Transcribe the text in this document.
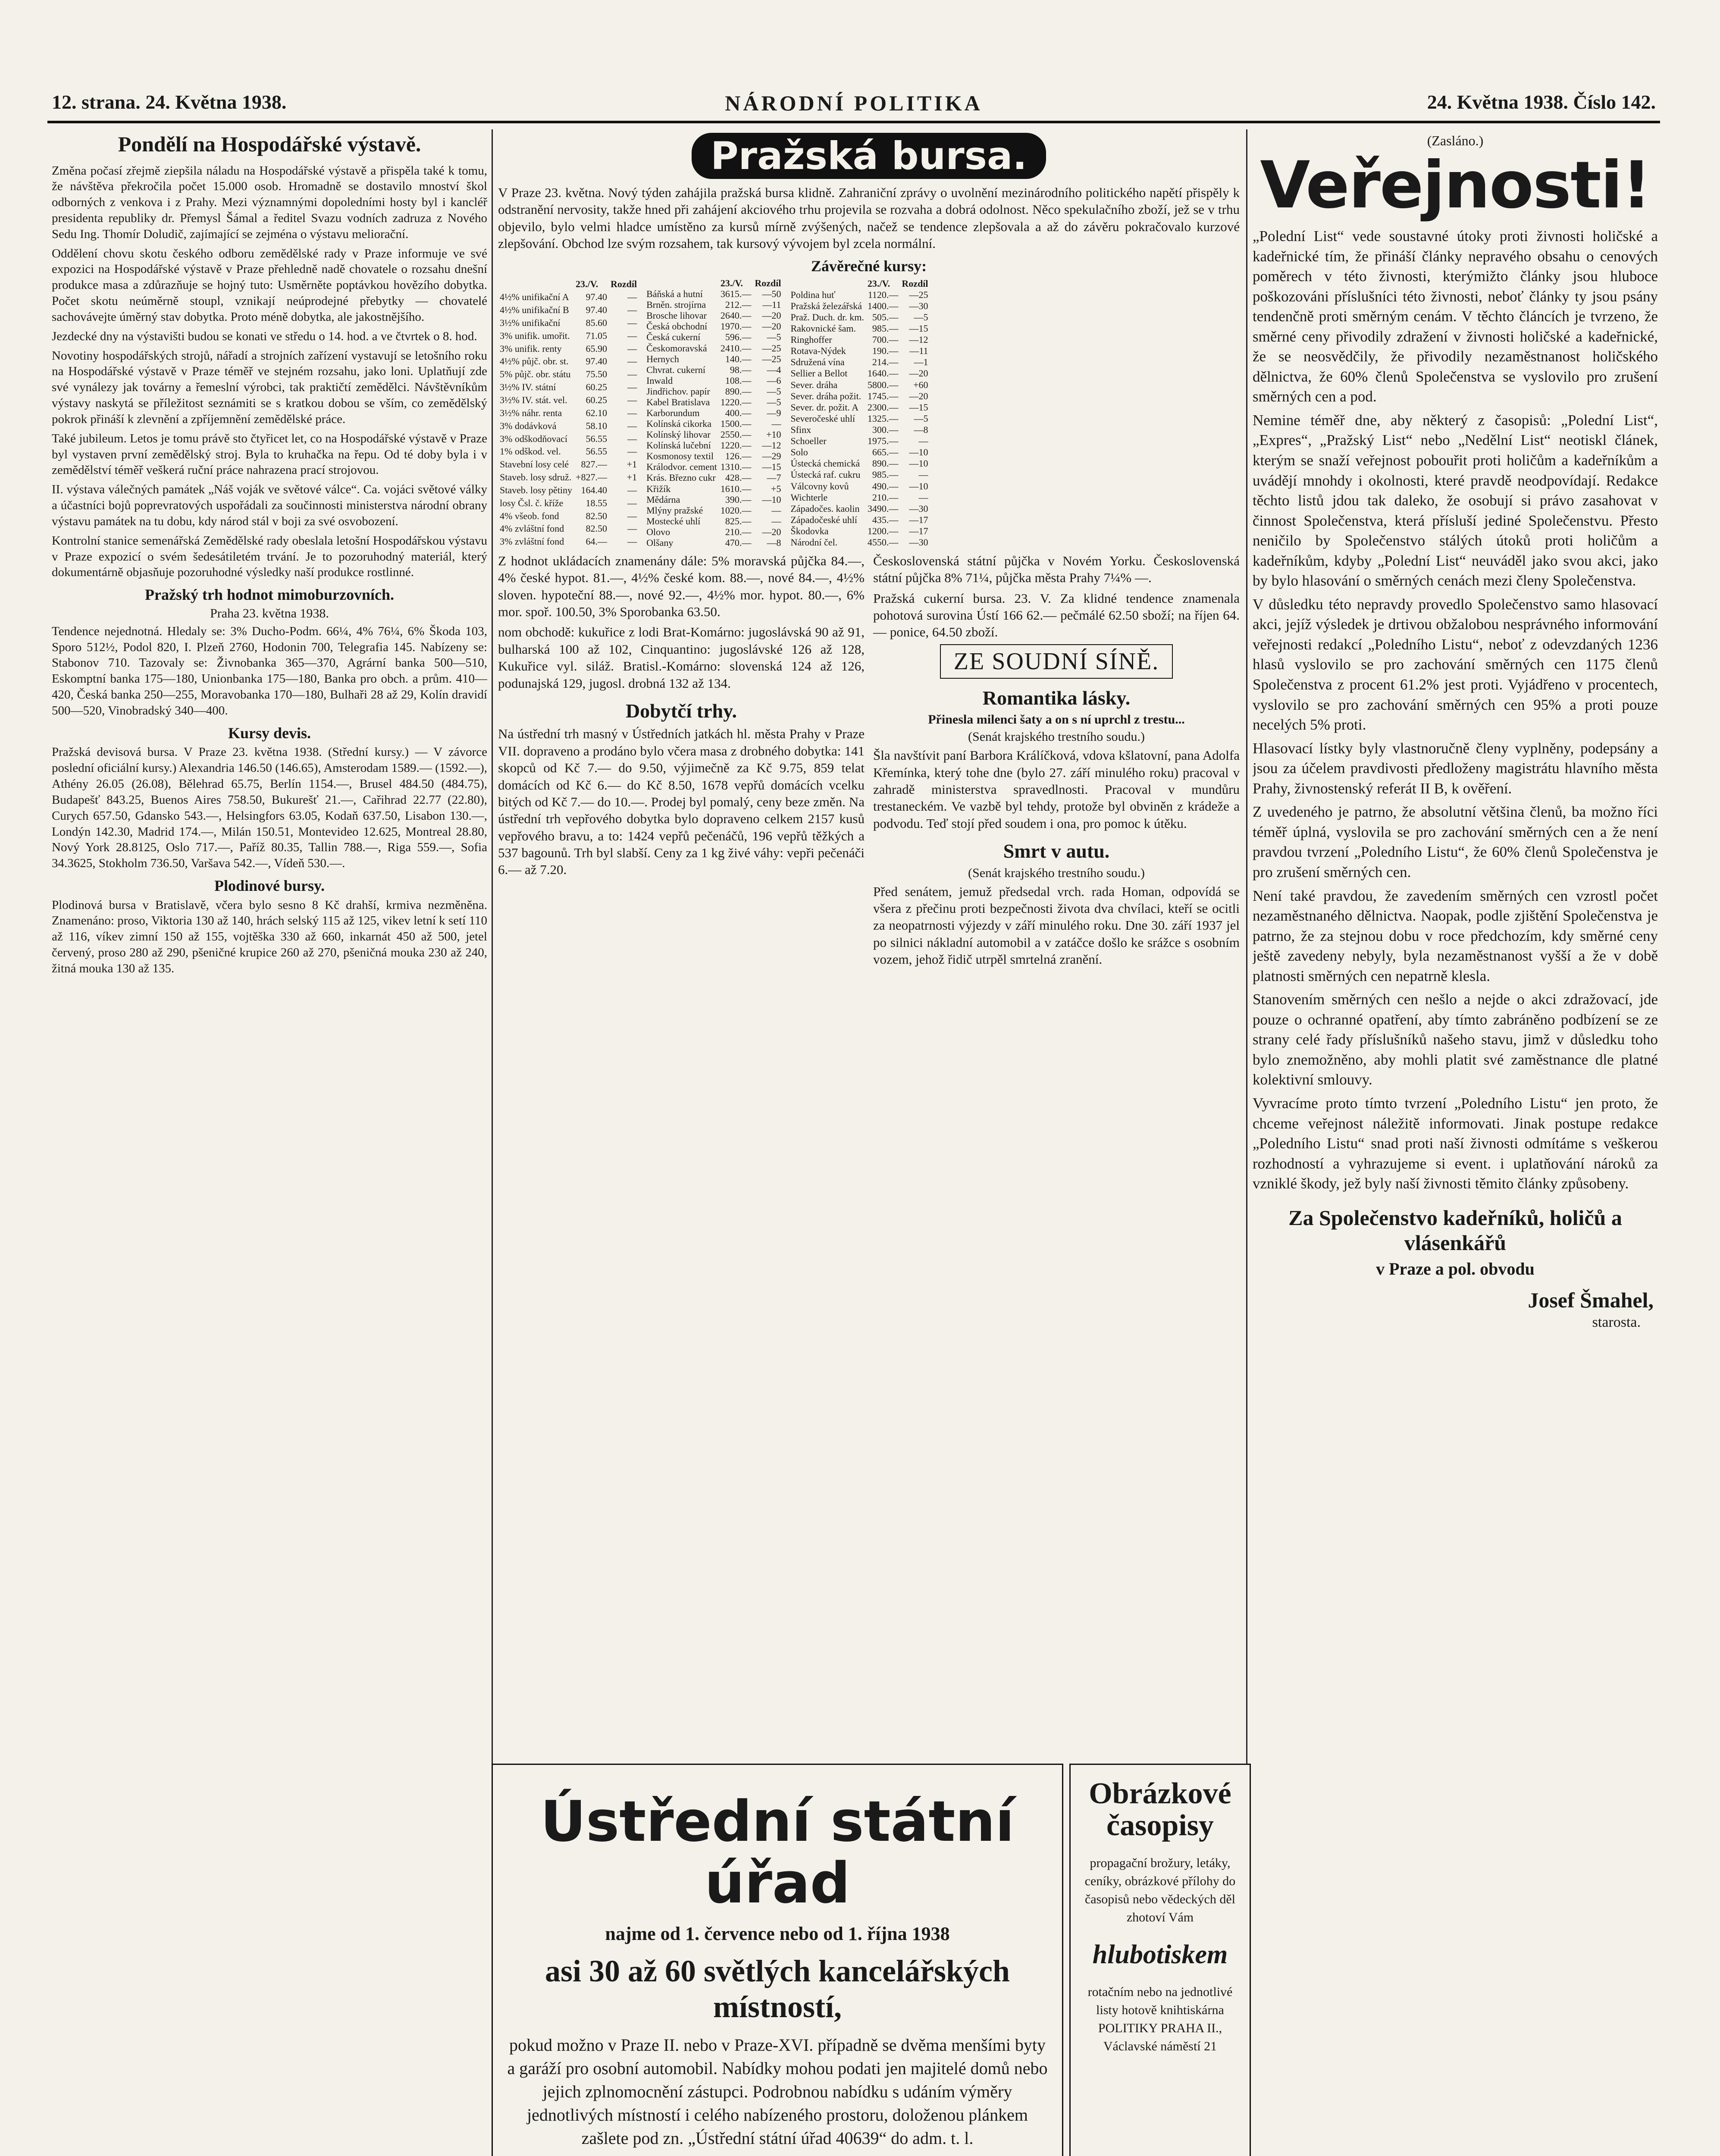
12. strana. 24. Května 1938.	NÁRODNÍ POLITIKA	24. Května 1938. Číslo 142.
Pondělí na Hospodářské výstavě.

Změna počasí zřejmě ziepšila náladu na Hospodářské výstavě a přispěla také k tomu, že návštěva překročila počet 15.000 osob. Hromadně se dostavilo mnoství škol odborných z venkova i z Prahy. Mezi významnými dopoledními hosty byl i kancléř presidenta republiky dr. Přemysl Šámal a ředitel Svazu vodních zadruza z Nového Sedu Ing. Thomír Doludič, zajímající se zejména o výstavu meliorační.

Oddělení chovu skotu českého odboru zemědělské rady v Praze informuje ve své expozici na Hospodářské výstavě v Praze přehledně nadě chovatele o rozsahu dnešní produkce masa a zdůrazňuje se hojný tuto: Usměrněte poptávkou hovězího dobytka. Počet skotu neúměrně stoupl, vznikají neúprodejné přebytky — chovatelé sachovávejte úměrný stav dobytka. Proto méně dobytka, ale jakostnějšího.

Jezdecké dny na výstavišti budou se konati ve středu o 14. hod. a ve čtvrtek o 8. hod.

Novotiny hospodářských strojů, nářadí a strojních zařízení vystavují se letošního roku na Hospodářské výstavě v Praze téměř ve stejném rozsahu, jako loni. Uplatňují zde své vynálezy jak továrny a řemeslní výrobci, tak praktičtí zemědělci. Návštěvníkům výstavy naskytá se příležitost seznámiti se s kratkou dobou se vším, co zemědělský pokrok přináší k zlevnění a zpříjemnění zemědělské práce.

Také jubileum. Letos je tomu právě sto čtyřicet let, co na Hospodářské výstavě v Praze byl vystaven první zemědělský stroj. Byla to kruhačka na řepu. Od té doby byla i v zemědělství téměř veškerá ruční práce nahrazena prací strojovou.

II. výstava válečných památek „Náš voják ve světové válce“. Ca. vojáci světové války a účastníci bojů poprevratových uspořádali za součinnosti ministerstva národní obrany výstavu památek na tu dobu, kdy národ stál v boji za své osvobození.

Kontrolní stanice semenářská Zemědělské rady obeslala letošní Hospodářskou výstavu v Praze expozicí o svém šedesátiletém trvání. Je to pozoruhodný materiál, který dokumentárně objasňuje pozoruhodné výsledky naší produkce rostlinné.

Pražský trh hodnot mimoburzovních.
Praha 23. května 1938.

Tendence nejednotná. Hledaly se: 3% Ducho-Podm. 66¼, 4% 76¼, 6% Škoda 103, Sporo 512½, Podol 820, I. Plzeň 2760, Hodonin 700, Telegrafia 145. Nabízeny se: Stabonov 710. Tazovaly se: Živnobanka 365—370, Agrární banka 500—510, Eskomptní banka 175—180, Unionbanka 175—180, Banka pro obch. a prům. 410—420, Česká banka 250—255, Moravobanka 170—180, Bulhaři 28 až 29, Kolín dravidí 500—520, Vinobradský 340—400.

Kursy devis.

Pražská devisová bursa. V Praze 23. května 1938. (Střední kursy.) — V závorce poslední oficiální kursy.) Alexandria 146.50 (146.65), Amsterodam 1589.— (1592.—), Athény 26.05 (26.08), Bělehrad 65.75, Berlín 1154.—, Brusel 484.50 (484.75), Budapešť 843.25, Buenos Aires 758.50, Bukurešť 21.—, Cařihrad 22.77 (22.80), Curych 657.50, Gdansko 543.—, Helsingfors 63.05, Kodaň 637.50, Lisabon 130.—, Londýn 142.30, Madrid 174.—, Milán 150.51, Montevideo 12.625, Montreal 28.80, Nový York 28.8125, Oslo 717.—, Paříž 80.35, Tallin 788.—, Riga 559.—, Sofia 34.3625, Stokholm 736.50, Varšava 542.—, Vídeň 530.—.

Plodinové bursy.

Plodinová bursa v Bratislavě, včera bylo sesno 8 Kč drahší, krmiva nezměněna. Znamenáno: proso, Viktoria 130 až 140, hrách selský 115 až 125, vikev letní k setí 110 až 116, víkev zimní 150 až 155, vojtěška 330 až 660, inkarnát 450 až 500, jetel červený, proso 280 až 290, pšeničné krupice 260 až 270, pšeničná mouka 230 až 240, žitná mouka 130 až 135.

Pražská bursa.

V Praze 23. května. Nový týden zahájila pražská bursa klidně. Zahraniční zprávy o uvolnění mezinárodního politického napětí přispěly k odstranění nervosity, takže hned při zahájení akciového trhu projevila se rozvaha a dobrá odolnost. Něco spekulačního zboží, jež se v trhu objevilo, bylo velmi hladce umístěno za kursů mírně zvýšených, načež se tendence zlepšovala a až do závěru pokračovalo kurzové zlepšování. Obchod lze svým rozsahem, tak kursový vývojem byl zcela normální.

Závěrečné kursy:
	23./V.	Rozdíl
4½% unifikační A	97.40	—
4½% unifikační B	97.40	—
3½% unifikační	85.60	—
3% unifik. umořit.	71.05	—
3% unifik. renty	65.90	—
4½% půjč. obr. st.	97.40	—
5% půjč. obr. státu	75.50	—
3½% IV. státní	60.25	—
3½% IV. stát. vel.	60.25	—
3½% náhr. renta	62.10	—
3% dodávková	58.10	—
3% odškodňovací	56.55	—
1% odškod. vel.	56.55	—
Stavební losy celé	827.—	+1
Staveb. losy sdruž.	+827.—	+1
Staveb. losy pětiny	164.40	—
losy Čsl. č. kříže	18.55	—
4% všeob. fond	82.50	—
4% zvláštní fond	82.50	—
3% zvláštní fond	64.—	—
	23./V.	Rozdíl
Báňská a hutní	3615.—	—50
Brněn. strojírna	212.—	—11
Brosche lihovar	2640.—	—20
Česká obchodní	1970.—	—20
Česká cukerní	596.—	—5
Českomoravská	2410.—	—25
Hernych	140.—	—25
Chvrat. cukerní	98.—	—4
Inwald	108.—	—6
Jindřichov. papír	890.—	—5
Kabel Bratislava	1220.—	—5
Karborundum	400.—	—9
Kolínská cikorka	1500.—	—
Kolínský lihovar	2550.—	+10
Kolínská lučební	1220.—	—12
Kosmonosy textil	126.—	—29
Králodvor. cement	1310.—	—15
Krás. Březno cukr	428.—	—7
Křižík	1610.—	+5
Mědárna	390.—	—10
Mlýny pražské	1020.—	—
Mostecké uhlí	825.—	—
Olovo	210.—	—20
Olšany	470.—	—8
	23./V.	Rozdíl
Poldina huť	1120.—	—25
Pražská železářská	1400.—	—30
Praž. Duch. dr. km.	505.—	—5
Rakovnické šam.	985.—	—15
Ringhoffer	700.—	—12
Rotava-Nýdek	190.—	—11
Sdružená vína	214.—	—1
Sellier a Bellot	1640.—	—20
Sever. dráha	5800.—	+60
Sever. dráha požit.	1745.—	—20
Sever. dr. požit. A	2300.—	—15
Severočeské uhlí	1325.—	—5
Sfinx	300.—	—8
Schoeller	1975.—	—
Solo	665.—	—10
Ústecká chemická	890.—	—10
Ústecká raf. cukru	985.—	—
Válcovny kovů	490.—	—10
Wichterle	210.—	—
Západočes. kaolin	3490.—	—30
Západočeské uhlí	435.—	—17
Škodovka	1200.—	—17
Národní čel.	4550.—	—30

Z hodnot ukládacích znamenány dále: 5% moravská půjčka 84.—, 4% české hypot. 81.—, 4½% české kom. 88.—, nové 84.—, 4½% sloven. hypoteční 88.—, nové 92.—, 4½% mor. hypot. 80.—, 6% mor. spoř. 100.50, 3% Sporobanka 63.50.

nom obchodě: kukuřice z lodi Brat-Komárno: jugoslávská 90 až 91, bulharská 100 až 102, Cinquantino: jugoslávské 126 až 128, Kukuřice vyl. siláž. Bratisl.-Komárno: slovenská 124 až 126, podunajská 129, jugosl. drobná 132 až 134.

Dobytčí trhy.

Na ústřední trh masný v Ústředních jatkách hl. města Prahy v Praze VII. dopraveno a prodáno bylo včera masa z drobného dobytka: 141 skopců od Kč 7.— do 9.50, výjimečně za Kč 9.75, 859 telat domácích od Kč 6.— do Kč 8.50, 1678 vepřů domácích vcelku bitých od Kč 7.— do 10.—. Prodej byl pomalý, ceny beze změn. Na ústřední trh vepřového dobytka bylo dopraveno celkem 2157 kusů vepřového bravu, a to: 1424 vepřů pečenáčů, 196 vepřů těžkých a 537 bagounů. Trh byl slabší. Ceny za 1 kg živé váhy: vepři pečenáči 6.— až 7.20.

Československá státní půjčka v Novém Yorku. Československá státní půjčka 8% 71¼, půjčka města Prahy 7¼% —.

Pražská cukerní bursa. 23. V. Za klidné tendence znamenala pohotová surovina Ústí 166 62.— pečmálé 62.50 sboží; na říjen 64.— ponice, 64.50 zboží.

ZE SOUDNÍ SÍNĚ.
Romantika lásky.
Přinesla milenci šaty a on s ní uprchl z trestu...
(Senát krajského trestního soudu.)

Šla navštívit paní Barbora Králíčková, vdova kšlatovní, pana Adolfa Křemínka, který tohe dne (bylo 27. září minulého roku) pracoval v zahradě ministerstva spravedlnosti. Pracoval v mundůru trestaneckém. Ve vazbě byl tehdy, protože byl obviněn z krádeže a podvodu. Teď stojí před soudem i ona, pro pomoc k útěku.

Smrt v autu.
(Senát krajského trestního soudu.)

Před senátem, jemuž předsedal vrch. rada Homan, odpovídá se všera z přečinu proti bezpečnosti života dva chvílaci, kteří se ocitli za neopatrnosti výjezdy v září minulého roku. Dne 30. září 1937 jel po silnici nákladní automobil a v zatáčce došlo ke srážce s osobním vozem, jehož řidič utrpěl smrtelná zranění.

(Zasláno.)
Veřejnosti!

„Polední List“ vede soustavné útoky proti živnosti holičské a kadeřnické tím, že přináší články nepravého obsahu o cenových poměrech v této živnosti, kterýmižto články jsou hluboce poškozováni příslušníci této živnosti, neboť články ty jsou psány tendenčně proti směrným cenám. V těchto článcích je tvrzeno, že směrné ceny přivodily zdražení v živnosti holičské a kadeřnické, že se neosvědčily, že přivodily nezaměstnanost holičského dělnictva, že 60% členů Společenstva se vyslovilo pro zrušení směrných cen a pod.

Nemine téměř dne, aby některý z časopisů: „Polední List“, „Expres“, „Pražský List“ nebo „Nedělní List“ neotiskl článek, kterým se snaží veřejnost pobouřit proti holičům a kadeřníkům a uvádějí mnohdy i okolnosti, které pravdě neodpovídají. Redakce těchto listů jdou tak daleko, že osobují si právo zasahovat v činnost Společenstva, která přísluší jediné Společenstvu. Přesto neničilo by Společenstvo stálých útoků proti holičům a kadeřníkům, kdyby „Polední List“ neuváděl jako svou akci, jako by bylo hlasování o směrných cenách mezi členy Společenstva.

V důsledku této nepravdy provedlo Společenstvo samo hlasovací akci, jejíž výsledek je drtivou obžalobou nesprávného informování veřejnosti redakcí „Poledního Listu“, neboť z odevzdaných 1236 hlasů vyslovilo se pro zachování směrných cen 1175 členů Společenstva z procent 61.2% jest proti. Vyjádřeno v procentech, vyslovilo se pro zachování směrných cen 95% a proti pouze necelých 5% proti.

Hlasovací lístky byly vlastnoručně členy vyplněny, podepsány a jsou za účelem pravdivosti předloženy magistrátu hlavního města Prahy, živnostenský referát II B, k ověření.

Z uvedeného je patrno, že absolutní většina členů, ba možno říci téměř úplná, vyslovila se pro zachování směrných cen a že není pravdou tvrzení „Poledního Listu“, že 60% členů Společenstva je pro zrušení směrných cen.

Není také pravdou, že zavedením směrných cen vzrostl počet nezaměstnaného dělnictva. Naopak, podle zjištění Společenstva je patrno, že za stejnou dobu v roce předchozím, kdy směrné ceny ještě zavedeny nebyly, byla nezaměstnanost vyšší a že v době platnosti směrných cen nepatrně klesla.

Stanovením směrných cen nešlo a nejde o akci zdražovací, jde pouze o ochranné opatření, aby tímto zabráněno podbízení se ze strany celé řady příslušníků našeho stavu, jimž v důsledku toho bylo znemožněno, aby mohli platit své zaměstnance dle platné kolektivní smlouvy.

Vyvracíme proto tímto tvrzení „Poledního Listu“ jen proto, že chceme veřejnost náležitě informovati. Jinak postupe redakce „Poledního Listu“ snad proti naší živnosti odmítáme s veškerou rozhodností a vyhrazujeme si event. i uplatňování nároků za vzniklé škody, jež byly naší živnosti těmito články způsobeny.

Za Společenstvo kadeřníků, holičů a vlásenkářů
v Praze a pol. obvodu
Josef Šmahel,
starosta.
Ústřední státní úřad
najme od 1. července nebo od 1. října 1938
asi 30 až 60 světlých kancelářských místností,
pokud možno v Praze II. nebo v Praze-XVI. případně se dvěma menšími byty a garáží pro osobní automobil. Nabídky mohou podati jen majitelé domů nebo jejich zplnomocnění zástupci. Podrobnou nabídku s udáním výměry jednotlivých místností i celého nabízeného prostoru, doloženou plánkem zašlete pod zn. „Ústřední státní úřad 40639“ do adm. t. l.
Obrázkové časopisy
propagační brožury, letáky, ceníky, obrázkové přílohy do časopisů nebo vědeckých děl zhotoví Vám
hlubotiskem
rotačním nebo na jednotlivé listy hotově knihtiskárna POLITIKY PRAHA II., Václavské náměstí 21
